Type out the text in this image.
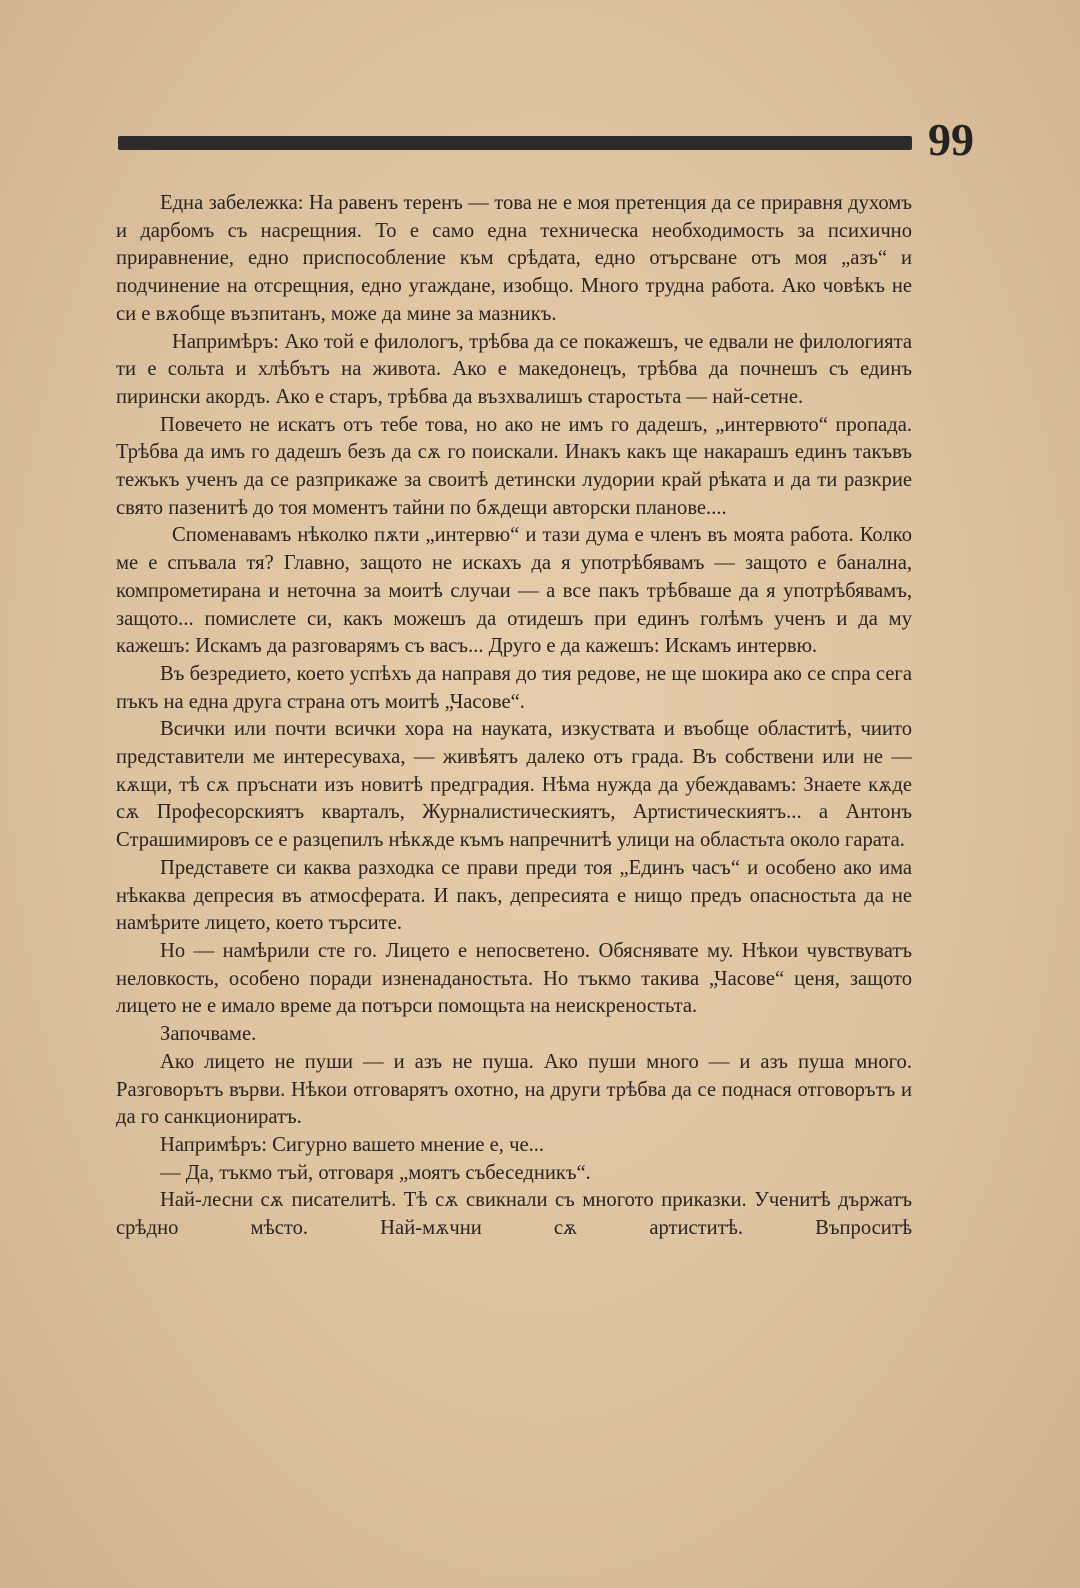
99

Една забележка: На равенъ теренъ — това не е моя претенция да се приравня духомъ и дарбомъ съ насрещния. То е само една техническа необходимость за психично приравнение, едно приспособление към срѣдата, едно отърсване отъ моя „азъ“ и подчинение на отсрещния, едно угаждане, изобщо. Много трудна работа. Ако човѣкъ не си е вѫобще възпитанъ, може да мине за мазникъ.

Напримѣръ: Ако той е филологъ, трѣбва да се покажешъ, че едвали не филологията ти е сольта и хлѣбътъ на живота. Ако е македонецъ, трѣбва да почнешъ съ единъ пирински акордъ. Ако е старъ, трѣбва да възхвалишъ старостьта — най-сетне.

Повечето не искатъ отъ тебе това, но ако не имъ го дадешъ, „интервюто“ пропада. Трѣбва да имъ го дадешъ безъ да сѫ го поискали. Инакъ какъ ще накарашъ единъ такъвъ тежъкъ ученъ да се разприкаже за своитѣ детински лудории край рѣката и да ти разкрие свято пазенитѣ до тоя моментъ тайни по бѫдещи авторски планове....

Споменавамъ нѣколко пѫти „интервю“ и тази дума е членъ въ моята работа. Колко ме е спъвала тя? Главно, защото не искахъ да я употрѣбявамъ — защото е банална, компрометирана и неточна за моитѣ случаи — а все пакъ трѣбваше да я употрѣбявамъ, защото... помислете си, какъ можешъ да отидешъ при единъ голѣмъ ученъ и да му кажешъ: Искамъ да разговарямъ съ васъ... Друго е да кажешъ: Искамъ интервю.

Въ безредието, което успѣхъ да направя до тия редове, не ще шокира ако се спра сега пъкъ на една друга страна отъ моитѣ „Часове“.

Всички или почти всички хора на науката, изкуствата и въобще областитѣ, чиито представители ме интересуваха, — живѣятъ далеко отъ града. Въ собствени или не — кѫщи, тѣ сѫ пръснати изъ новитѣ предградия. Нѣма нужда да убеждавамъ: Знаете кѫде сѫ Професорскиятъ кварталъ, Журналистическиятъ, Артистическиятъ... а Антонъ Страшимировъ се е разцепилъ нѣкѫде къмъ напречнитѣ улици на областьта около гарата.

Представете си каква разходка се прави преди тоя „Единъ часъ“ и особено ако има нѣкаква депресия въ атмосферата. И пакъ, депресията е нищо предъ опасностьта да не намѣрите лицето, което търсите.

Но — намѣрили сте го. Лицето е непосветено. Обяснявате му. Нѣкои чувствуватъ неловкость, особено поради изненаданостьта. Но тъкмо такива „Часове“ ценя, защото лицето не е имало време да потърси помощьта на неискреностьта.

Започваме.

Ако лицето не пуши — и азъ не пуша. Ако пуши много — и азъ пуша много. Разговорътъ върви. Нѣкои отговарятъ охотно, на други трѣбва да се поднася отговорътъ и да го санкциониратъ.

Напримѣръ: Сигурно вашето мнение е, че...

— Да, тъкмо тъй, отговаря „моятъ събеседникъ“.

Най-лесни сѫ писателитѣ. Тѣ сѫ свикнали съ многото приказки. Ученитѣ държатъ срѣдно мѣсто. Най-мѫчни сѫ артиститѣ. Въпроситѣ
